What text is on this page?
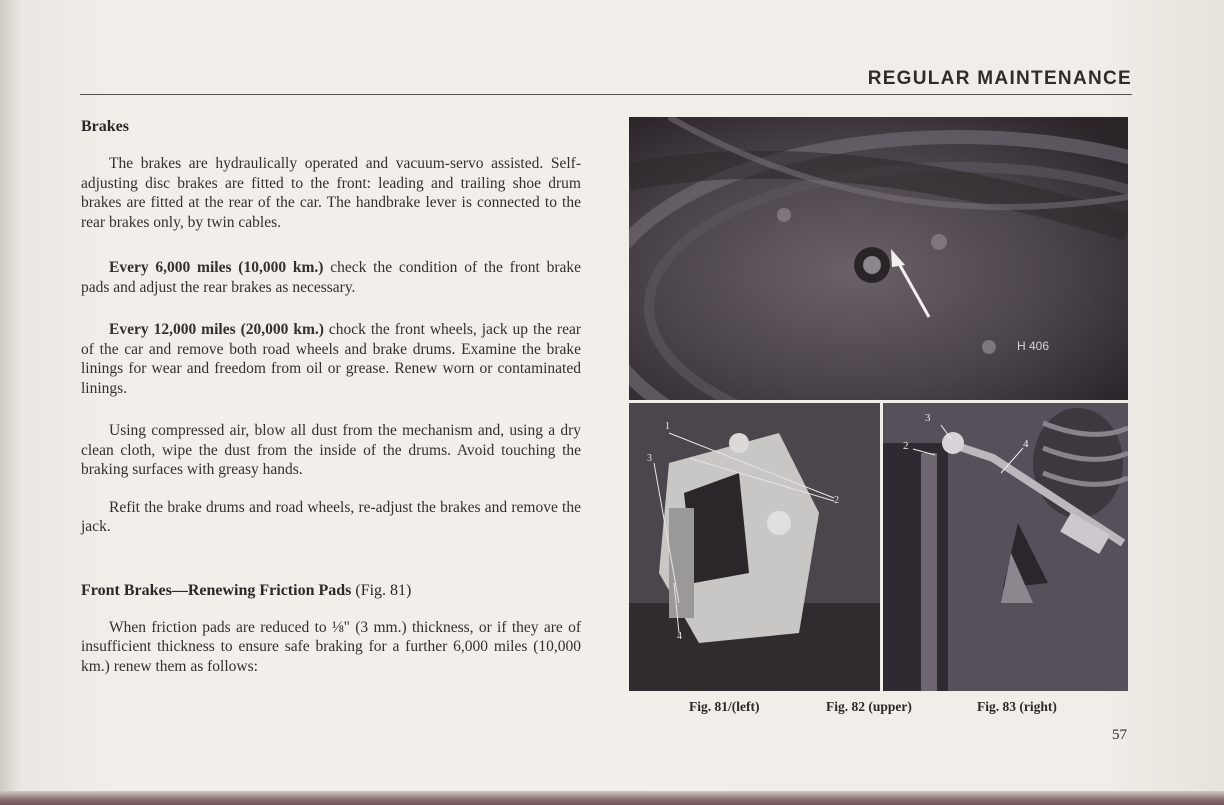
REGULAR MAINTENANCE
Brakes

The brakes are hydraulically operated and vacuum-servo assisted. Self-adjusting disc brakes are fitted to the front: leading and trailing shoe drum brakes are fitted at the rear of the car. The handbrake lever is connected to the rear brakes only, by twin cables.

Every 6,000 miles (10,000 km.) check the condition of the front brake pads and adjust the rear brakes as necessary.

Every 12,000 miles (20,000 km.) chock the front wheels, jack up the rear of the car and remove both road wheels and brake drums. Examine the brake linings for wear and freedom from oil or grease. Renew worn or contaminated linings.

Using compressed air, blow all dust from the mechanism and, using a dry clean cloth, wipe the dust from the inside of the drums. Avoid touching the braking surfaces with greasy hands.

Refit the brake drums and road wheels, re-adjust the brakes and remove the jack.

Front Brakes—Renewing Friction Pads (Fig. 81)

When friction pads are reduced to ⅛" (3 mm.) thickness, or if they are of insufficient thickness to ensure safe braking for a further 6,000 miles (10,000 km.) renew them as follows:

H 406
1
2
3
4
2
3
4
Fig. 81/(left)	Fig. 82 (upper)	Fig. 83 (right)
57
